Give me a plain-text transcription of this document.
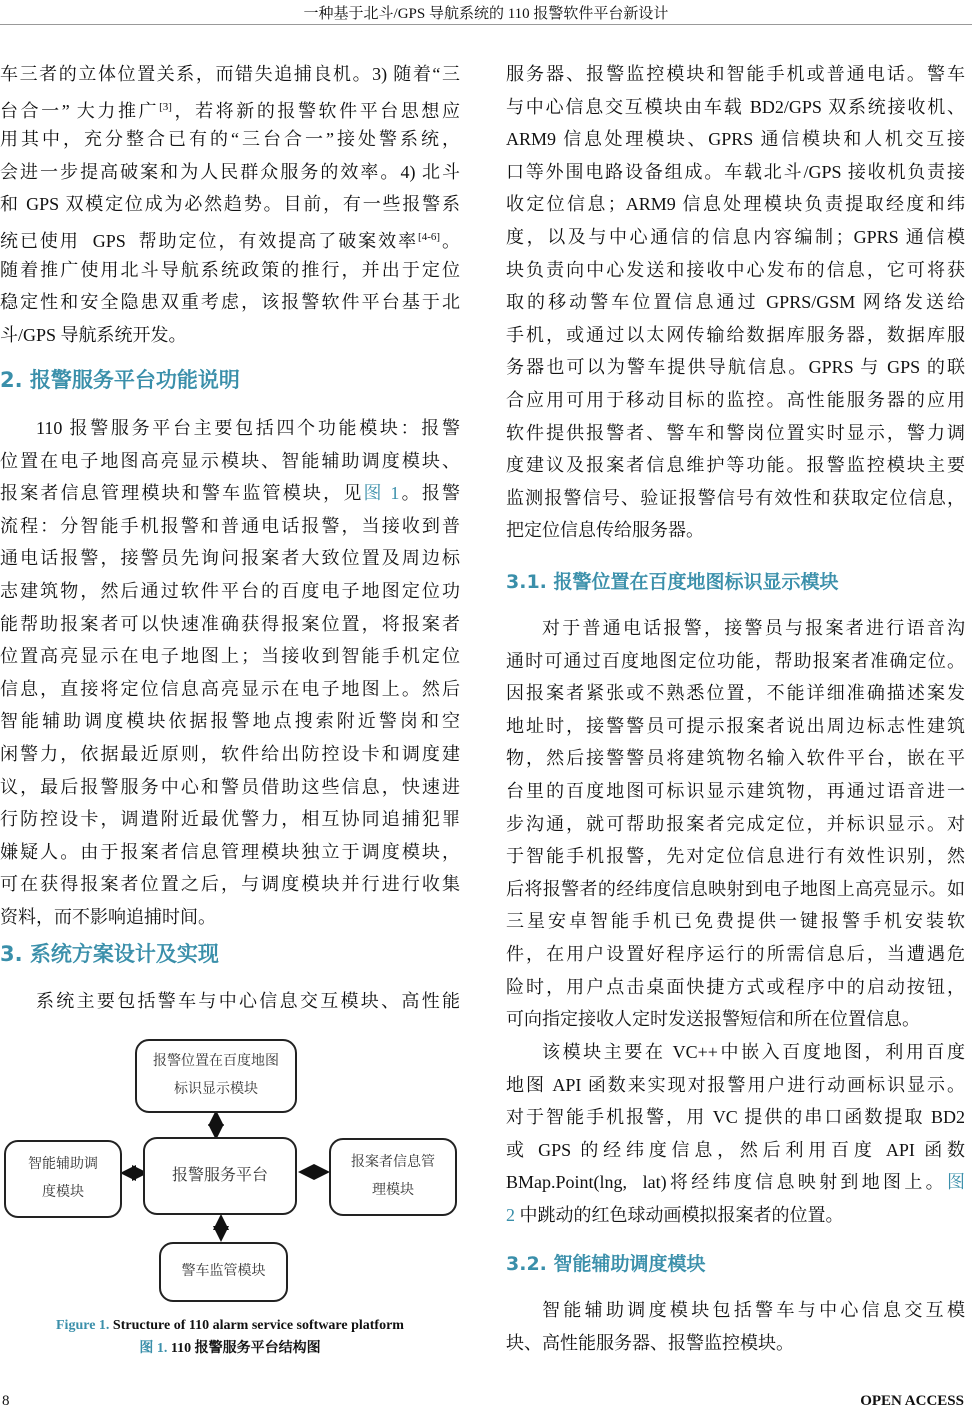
一种基于北斗/GPS 导航系统的 110 报警软件平台新设计
车三者的立体位置关系，而错失追捕良机。3) 随着“三
台合一” 大力推广[3]，若将新的报警软件平台思想应
用其中，充分整合已有的“三台合一”接处警系统，
会进一步提高破案和为人民群众服务的效率。4) 北斗
和 GPS 双模定位成为必然趋势。目前，有一些报警系
统已使用  GPS  帮助定位，有效提高了破案效率[4-6]。
随着推广使用北斗导航系统政策的推行，并出于定位
稳定性和安全隐患双重考虑，该报警软件平台基于北
斗/GPS 导航系统开发。
2. 报警服务平台功能说明
110 报警服务平台主要包括四个功能模块：报警
位置在电子地图高亮显示模块、智能辅助调度模块、
报案者信息管理模块和警车监管模块，见图 1。报警
流程：分智能手机报警和普通电话报警，当接收到普
通电话报警，接警员先询问报案者大致位置及周边标
志建筑物，然后通过软件平台的百度电子地图定位功
能帮助报案者可以快速准确获得报案位置，将报案者
位置高亮显示在电子地图上；当接收到智能手机定位
信息，直接将定位信息高亮显示在电子地图上。然后
智能辅助调度模块依据报警地点搜索附近警岗和空
闲警力，依据最近原则，软件给出防控设卡和调度建
议，最后报警服务中心和警员借助这些信息，快速进
行防控设卡，调遣附近最优警力，相互协同追捕犯罪
嫌疑人。由于报案者信息管理模块独立于调度模块，
可在获得报案者位置之后，与调度模块并行进行收集
资料，而不影响追捕时间。
3. 系统方案设计及实现
系统主要包括警车与中心信息交互模块、高性能
报警位置在百度地图
标识显示模块
报警服务平台
智能辅助调
度模块
报案者信息管
理模块
警车监管模块
Figure 1. Structure of 110 alarm service software platform
图 1. 110 报警服务平台结构图
服务器、报警监控模块和智能手机或普通电话。警车
与中心信息交互模块由车载 BD2/GPS 双系统接收机、
ARM9 信息处理模块、GPRS 通信模块和人机交互接
口等外围电路设备组成。车载北斗/GPS 接收机负责接
收定位信息；ARM9 信息处理模块负责提取经度和纬
度，以及与中心通信的信息内容编制；GPRS 通信模
块负责向中心发送和接收中心发布的信息，它可将获
取的移动警车位置信息通过 GPRS/GSM 网络发送给
手机，或通过以太网传输给数据库服务器，数据库服
务器也可以为警车提供导航信息。GPRS 与 GPS 的联
合应用可用于移动目标的监控。高性能服务器的应用
软件提供报警者、警车和警岗位置实时显示，警力调
度建议及报案者信息维护等功能。报警监控模块主要
监测报警信号、验证报警信号有效性和获取定位信息，
把定位信息传给服务器。
3.1. 报警位置在百度地图标识显示模块
对于普通电话报警，接警员与报案者进行语音沟
通时可通过百度地图定位功能，帮助报案者准确定位。
因报案者紧张或不熟悉位置，不能详细准确描述案发
地址时，接警警员可提示报案者说出周边标志性建筑
物，然后接警警员将建筑物名输入软件平台，嵌在平
台里的百度地图可标识显示建筑物，再通过语音进一
步沟通，就可帮助报案者完成定位，并标识显示。对
于智能手机报警，先对定位信息进行有效性识别，然
后将报警者的经纬度信息映射到电子地图上高亮显示。如
三星安卓智能手机已免费提供一键报警手机安装软
件，在用户设置好程序运行的所需信息后，当遭遇危
险时，用户点击桌面快捷方式或程序中的启动按钮，
可向指定接收人定时发送报警短信和所在位置信息。
该模块主要在 VC++中嵌入百度地图，利用百度
地图 API 函数来实现对报警用户进行动画标识显示。
对于智能手机报警，用 VC 提供的串口函数提取 BD2
或 GPS 的经纬度信息，然后利用百度 API 函数
BMap.Point(lng,  lat)将经纬度信息映射到地图上。图
2 中跳动的红色球动画模拟报案者的位置。
3.2. 智能辅助调度模块
智能辅助调度模块包括警车与中心信息交互模
块、高性能服务器、报警监控模块。
8	OPEN ACCESS
